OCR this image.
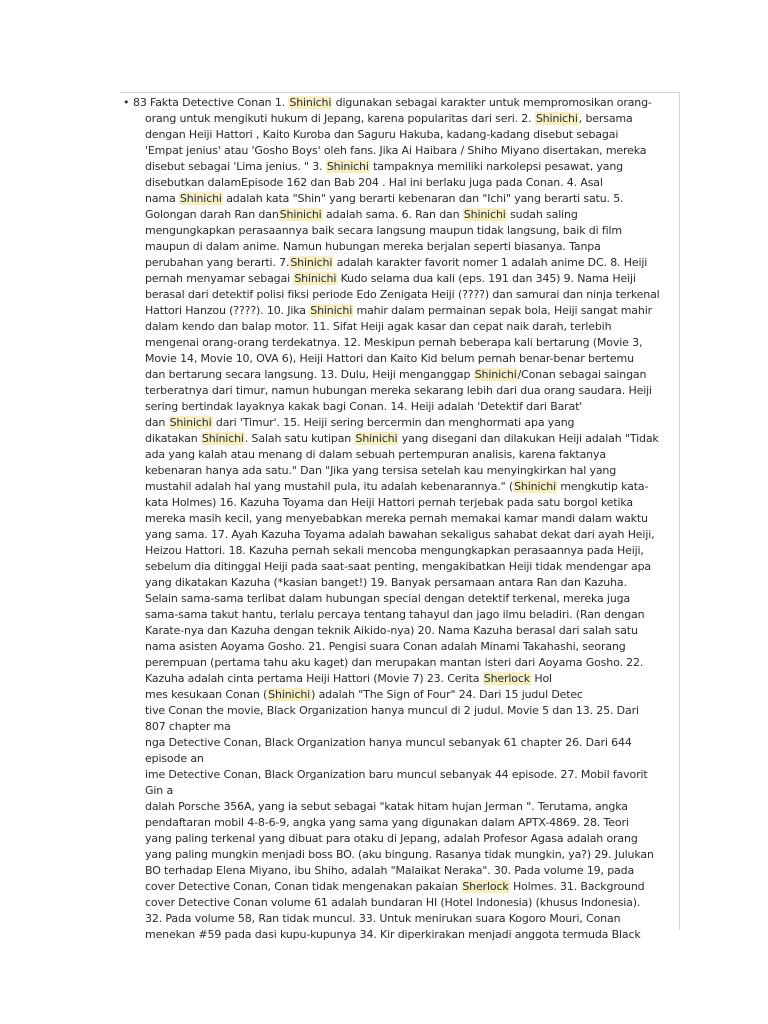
• 83 Fakta Detective Conan 1. Shinichi digunakan sebagai karakter untuk mempromosikan orang-
orang untuk mengikuti hukum di Jepang, karena popularitas dari seri. 2. Shinichi, bersama
dengan Heiji Hattori , Kaito Kuroba dan Saguru Hakuba, kadang-kadang disebut sebagai
'Empat jenius' atau 'Gosho Boys' oleh fans. Jika Ai Haibara / Shiho Miyano disertakan, mereka
disebut sebagai 'Lima jenius. " 3. Shinichi tampaknya memiliki narkolepsi pesawat, yang
disebutkan dalamEpisode 162 dan Bab 204 . Hal ini berlaku juga pada Conan. 4. Asal
nama Shinichi adalah kata "Shin" yang berarti kebenaran dan "Ichi" yang berarti satu. 5.
Golongan darah Ran danShinichi adalah sama. 6. Ran dan Shinichi sudah saling
mengungkapkan perasaannya baik secara langsung maupun tidak langsung, baik di film
maupun di dalam anime. Namun hubungan mereka berjalan seperti biasanya. Tanpa
perubahan yang berarti. 7.Shinichi adalah karakter favorit nomer 1 adalah anime DC. 8. Heiji
pernah menyamar sebagai Shinichi Kudo selama dua kali (eps. 191 dan 345) 9. Nama Heiji
berasal dari detektif polisi fiksi periode Edo Zenigata Heiji (????) dan samurai dan ninja terkenal
Hattori Hanzou (????). 10. Jika Shinichi mahir dalam permainan sepak bola, Heiji sangat mahir
dalam kendo dan balap motor. 11. Sifat Heiji agak kasar dan cepat naik darah, terlebih
mengenai orang-orang terdekatnya. 12. Meskipun pernah beberapa kali bertarung (Movie 3,
Movie 14, Movie 10, OVA 6), Heiji Hattori dan Kaito Kid belum pernah benar-benar bertemu
dan bertarung secara langsung. 13. Dulu, Heiji menganggap Shinichi/Conan sebagai saingan
terberatnya dari timur, namun hubungan mereka sekarang lebih dari dua orang saudara. Heiji
sering bertindak layaknya kakak bagi Conan. 14. Heiji adalah 'Detektif dari Barat'
dan Shinichi dari 'Timur'. 15. Heiji sering bercermin dan menghormati apa yang
dikatakan Shinichi. Salah satu kutipan Shinichi yang disegani dan dilakukan Heiji adalah "Tidak
ada yang kalah atau menang di dalam sebuah pertempuran analisis, karena faktanya
kebenaran hanya ada satu." Dan "Jika yang tersisa setelah kau menyingkirkan hal yang
mustahil adalah hal yang mustahil pula, itu adalah kebenarannya." (Shinichi mengkutip kata-
kata Holmes) 16. Kazuha Toyama dan Heiji Hattori pernah terjebak pada satu borgol ketika
mereka masih kecil, yang menyebabkan mereka pernah memakai kamar mandi dalam waktu
yang sama. 17. Ayah Kazuha Toyama adalah bawahan sekaligus sahabat dekat dari ayah Heiji,
Heizou Hattori. 18. Kazuha pernah sekali mencoba mengungkapkan perasaannya pada Heiji,
sebelum dia ditinggal Heiji pada saat-saat penting, mengakibatkan Heiji tidak mendengar apa
yang dikatakan Kazuha (*kasian banget!) 19. Banyak persamaan antara Ran dan Kazuha.
Selain sama-sama terlibat dalam hubungan special dengan detektif terkenal, mereka juga
sama-sama takut hantu, terlalu percaya tentang tahayul dan jago ilmu beladiri. (Ran dengan
Karate-nya dan Kazuha dengan teknik Aikido-nya) 20. Nama Kazuha berasal dari salah satu
nama asisten Aoyama Gosho. 21. Pengisi suara Conan adalah Minami Takahashi, seorang
perempuan (pertama tahu aku kaget) dan merupakan mantan isteri dari Aoyama Gosho. 22.
Kazuha adalah cinta pertama Heiji Hattori (Movie 7) 23. Cerita Sherlock Hol
mes kesukaan Conan (Shinichi) adalah "The Sign of Four" 24. Dari 15 judul Detec
tive Conan the movie, Black Organization hanya muncul di 2 judul. Movie 5 dan 13. 25. Dari
807 chapter ma
nga Detective Conan, Black Organization hanya muncul sebanyak 61 chapter 26. Dari 644
episode an
ime Detective Conan, Black Organization baru muncul sebanyak 44 episode. 27. Mobil favorit
Gin a
dalah Porsche 356A, yang ia sebut sebagai "katak hitam hujan Jerman ". Terutama, angka
pendaftaran mobil 4-8-6-9, angka yang sama yang digunakan dalam APTX-4869. 28. Teori
yang paling terkenal yang dibuat para otaku di Jepang, adalah Profesor Agasa adalah orang
yang paling mungkin menjadi boss BO. (aku bingung. Rasanya tidak mungkin, ya?) 29. Julukan
BO terhadap Elena Miyano, ibu Shiho, adalah "Malaikat Neraka". 30. Pada volume 19, pada
cover Detective Conan, Conan tidak mengenakan pakaian Sherlock Holmes. 31. Background
cover Detective Conan volume 61 adalah bundaran HI (Hotel Indonesia) (khusus Indonesia).
32. Pada volume 58, Ran tidak muncul. 33. Untuk menirukan suara Kogoro Mouri, Conan
menekan #59 pada dasi kupu-kupunya 34. Kir diperkirakan menjadi anggota termuda Black
